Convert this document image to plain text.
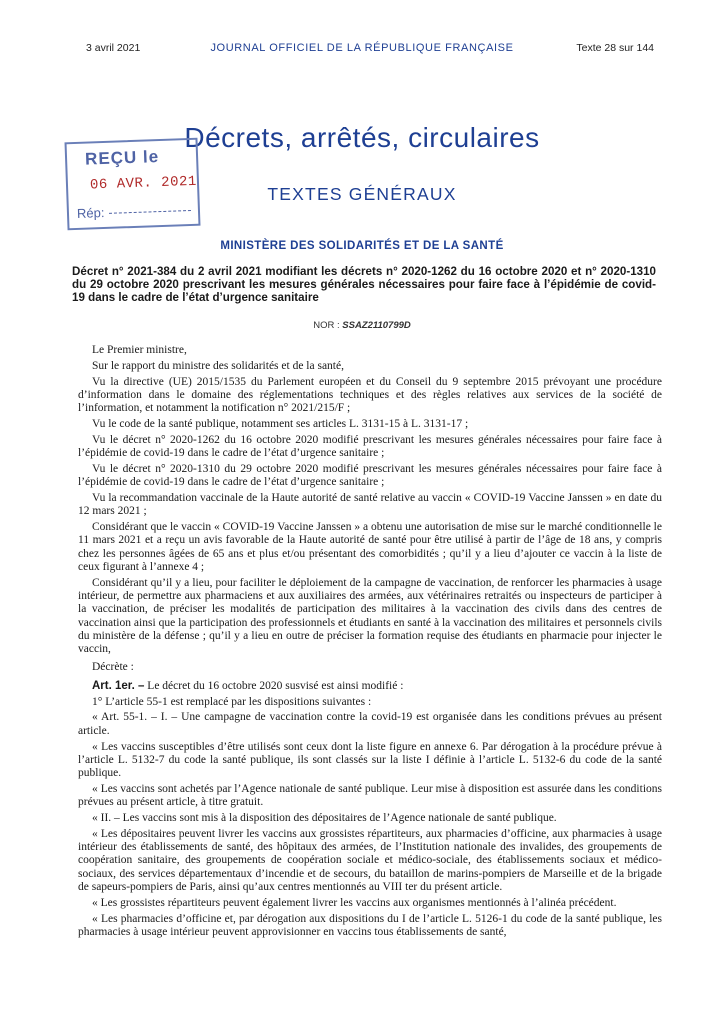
3 avril 2021	JOURNAL OFFICIEL DE LA RÉPUBLIQUE FRANÇAISE	Texte 28 sur 144
Décrets, arrêtés, circulaires
REÇU le
06 AVR. 2021
Rép:
TEXTES GÉNÉRAUX
MINISTÈRE DES SOLIDARITÉS ET DE LA SANTÉ
Décret n° 2021-384 du 2 avril 2021 modifiant les décrets n° 2020-1262 du 16 octobre 2020 et n° 2020-1310 du 29 octobre 2020 prescrivant les mesures générales nécessaires pour faire face à l’épidémie de covid-19 dans le cadre de l’état d’urgence sanitaire
NOR : SSAZ2110799D

Le Premier ministre,

Sur le rapport du ministre des solidarités et de la santé,

Vu la directive (UE) 2015/1535 du Parlement européen et du Conseil du 9 septembre 2015 prévoyant une procédure d’information dans le domaine des réglementations techniques et des règles relatives aux services de la société de l’information, et notamment la notification n° 2021/215/F ;

Vu le code de la santé publique, notamment ses articles L. 3131-15 à L. 3131-17 ;

Vu le décret n° 2020-1262 du 16 octobre 2020 modifié prescrivant les mesures générales nécessaires pour faire face à l’épidémie de covid-19 dans le cadre de l’état d’urgence sanitaire ;

Vu le décret n° 2020-1310 du 29 octobre 2020 modifié prescrivant les mesures générales nécessaires pour faire face à l’épidémie de covid-19 dans le cadre de l’état d’urgence sanitaire ;

Vu la recommandation vaccinale de la Haute autorité de santé relative au vaccin « COVID-19 Vaccine Janssen » en date du 12 mars 2021 ;

Considérant que le vaccin « COVID-19 Vaccine Janssen » a obtenu une autorisation de mise sur le marché conditionnelle le 11 mars 2021 et a reçu un avis favorable de la Haute autorité de santé pour être utilisé à partir de l’âge de 18 ans, y compris chez les personnes âgées de 65 ans et plus et/ou présentant des comorbidités ; qu’il y a lieu d’ajouter ce vaccin à la liste de ceux figurant à l’annexe 4 ;

Considérant qu’il y a lieu, pour faciliter le déploiement de la campagne de vaccination, de renforcer les pharmacies à usage intérieur, de permettre aux pharmaciens et aux auxiliaires des armées, aux vétérinaires retraités ou inspecteurs de participer à la vaccination, de préciser les modalités de participation des militaires à la vaccination des civils dans des centres de vaccination ainsi que la participation des professionnels et étudiants en santé à la vaccination des militaires et personnels civils du ministère de la défense ; qu’il y a lieu en outre de préciser la formation requise des étudiants en pharmacie pour injecter le vaccin,

Décrète :

Art. 1er. – Le décret du 16 octobre 2020 susvisé est ainsi modifié :

1° L’article 55-1 est remplacé par les dispositions suivantes :

« Art. 55-1. – I. – Une campagne de vaccination contre la covid-19 est organisée dans les conditions prévues au présent article.

« Les vaccins susceptibles d’être utilisés sont ceux dont la liste figure en annexe 6. Par dérogation à la procédure prévue à l’article L. 5132-7 du code la santé publique, ils sont classés sur la liste I définie à l’article L. 5132-6 du code de la santé publique.

« Les vaccins sont achetés par l’Agence nationale de santé publique. Leur mise à disposition est assurée dans les conditions prévues au présent article, à titre gratuit.

« II. – Les vaccins sont mis à la disposition des dépositaires de l’Agence nationale de santé publique.

« Les dépositaires peuvent livrer les vaccins aux grossistes répartiteurs, aux pharmacies d’officine, aux pharmacies à usage intérieur des établissements de santé, des hôpitaux des armées, de l’Institution nationale des invalides, des groupements de coopération sanitaire, des groupements de coopération sociale et médico-sociale, des établissements sociaux et médico-sociaux, des services départementaux d’incendie et de secours, du bataillon de marins-pompiers de Marseille et de la brigade de sapeurs-pompiers de Paris, ainsi qu’aux centres mentionnés au VIII ter du présent article.

« Les grossistes répartiteurs peuvent également livrer les vaccins aux organismes mentionnés à l’alinéa précédent.

« Les pharmacies d’officine et, par dérogation aux dispositions du I de l’article L. 5126-1 du code de la santé publique, les pharmacies à usage intérieur peuvent approvisionner en vaccins tous établissements de santé,
